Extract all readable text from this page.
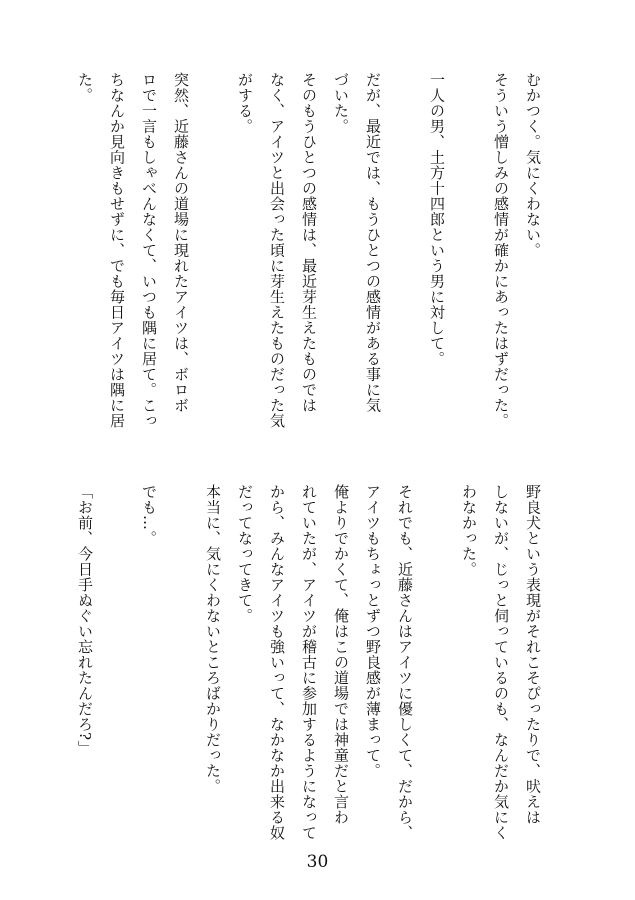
むかつく。気にくわない。

そういう憎しみの感情が確かにあったはずだった。

一人の男、土方十四郎という男に対して。

だが、最近では、もうひとつの感情がある事に気

づいた。

そのもうひとつの感情は、最近芽生えたものでは

なく、アイツと出会った頃に芽生えたものだった気

がする。

突然、近藤さんの道場に現れたアイツは、ボロボ

ロで一言もしゃべんなくて、いつも隅に居て。こっ

ちなんか見向きもせずに、でも毎日アイツは隅に居

た。

野良犬という表現がそれこそぴったりで、吠えは

しないが、じっと伺っているのも、なんだか気にく

わなかった。

それでも、近藤さんはアイツに優しくて、だから、

アイツもちょっとずつ野良感が薄まって。

俺よりでかくて、俺はこの道場では神童だと言わ

れていたが、アイツが稽古に参加するようになって

から、みんなアイツも強いって、なかなか出来る奴

だってなってきて。

本当に、気にくわないところばかりだった。

でも…。

「お前、今日手ぬぐい忘れたんだろ?」

30
